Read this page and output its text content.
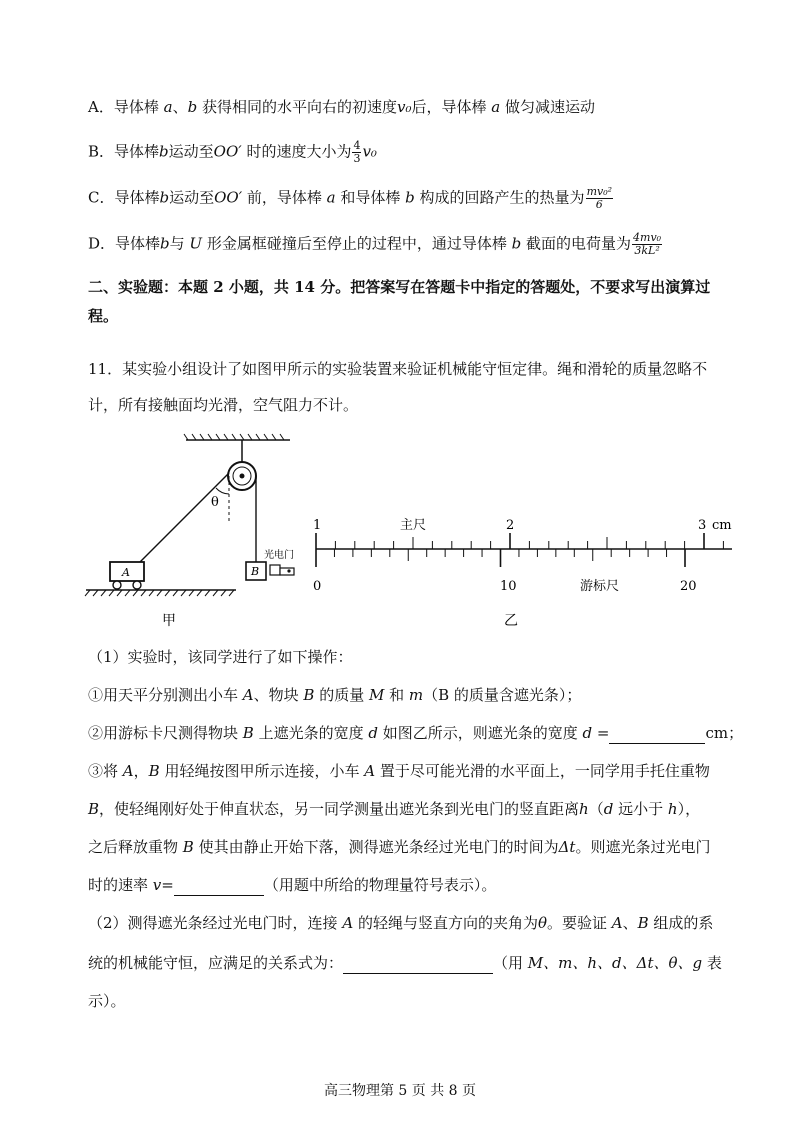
A．导体棒 a、b 获得相同的水平向右的初速度v₀后，导体棒 a 做匀减速运动
B．导体棒b运动至OO′ 时的速度大小为 $\frac{4}{3} v_0$
C．导体棒b运动至OO′ 前，导体棒 a 和导体棒 b 构成的回路产生的热量为 $\frac{\text{mv₀²}}{6}$
D．导体棒b与 U 形金属框碰撞后至停止的过程中，通过导体棒 b 截面的电荷量为 $\frac{\text{4mv₀}}{\text{3kL²}}$
二、实验题：本题 2 小题，共 14 分。把答案写在答题卡中指定的答题处，不要求写出演算过
程。
11．某实验小组设计了如图甲所示的实验装置来验证机械能守恒定律。绳和滑轮的质量忽略不
计，所有接触面均光滑，空气阻力不计。
θ
A	B
光电门
甲
1	2	3 cm
主尺
0	10	20
游标尺
乙
（1）实验时，该同学进行了如下操作：
①用天平分别测出小车 A、物块 B 的质量 M 和 m（B 的质量含遮光条）；
②用游标卡尺测得物块 B 上遮光条的宽度 d 如图乙所示，则遮光条的宽度 d =	cm；
③将 A，B 用轻绳按图甲所示连接，小车 A 置于尽可能光滑的水平面上，一同学用手托住重物
B，使轻绳刚好处于伸直状态，另一同学测量出遮光条到光电门的竖直距离h（d 远小于 h），
之后释放重物 B 使其由静止开始下落，测得遮光条经过光电门的时间为Δt。则遮光条过光电门
时的速率 v=	（用题中所给的物理量符号表示）。
（2）测得遮光条经过光电门时，连接 A 的轻绳与竖直方向的夹角为θ。要验证 A、B 组成的系
统的机械能守恒，应满足的关系式为：	（用 M、m、h、d、Δt、θ、g 表
示）。
高三物理第 5 页 共 8 页
